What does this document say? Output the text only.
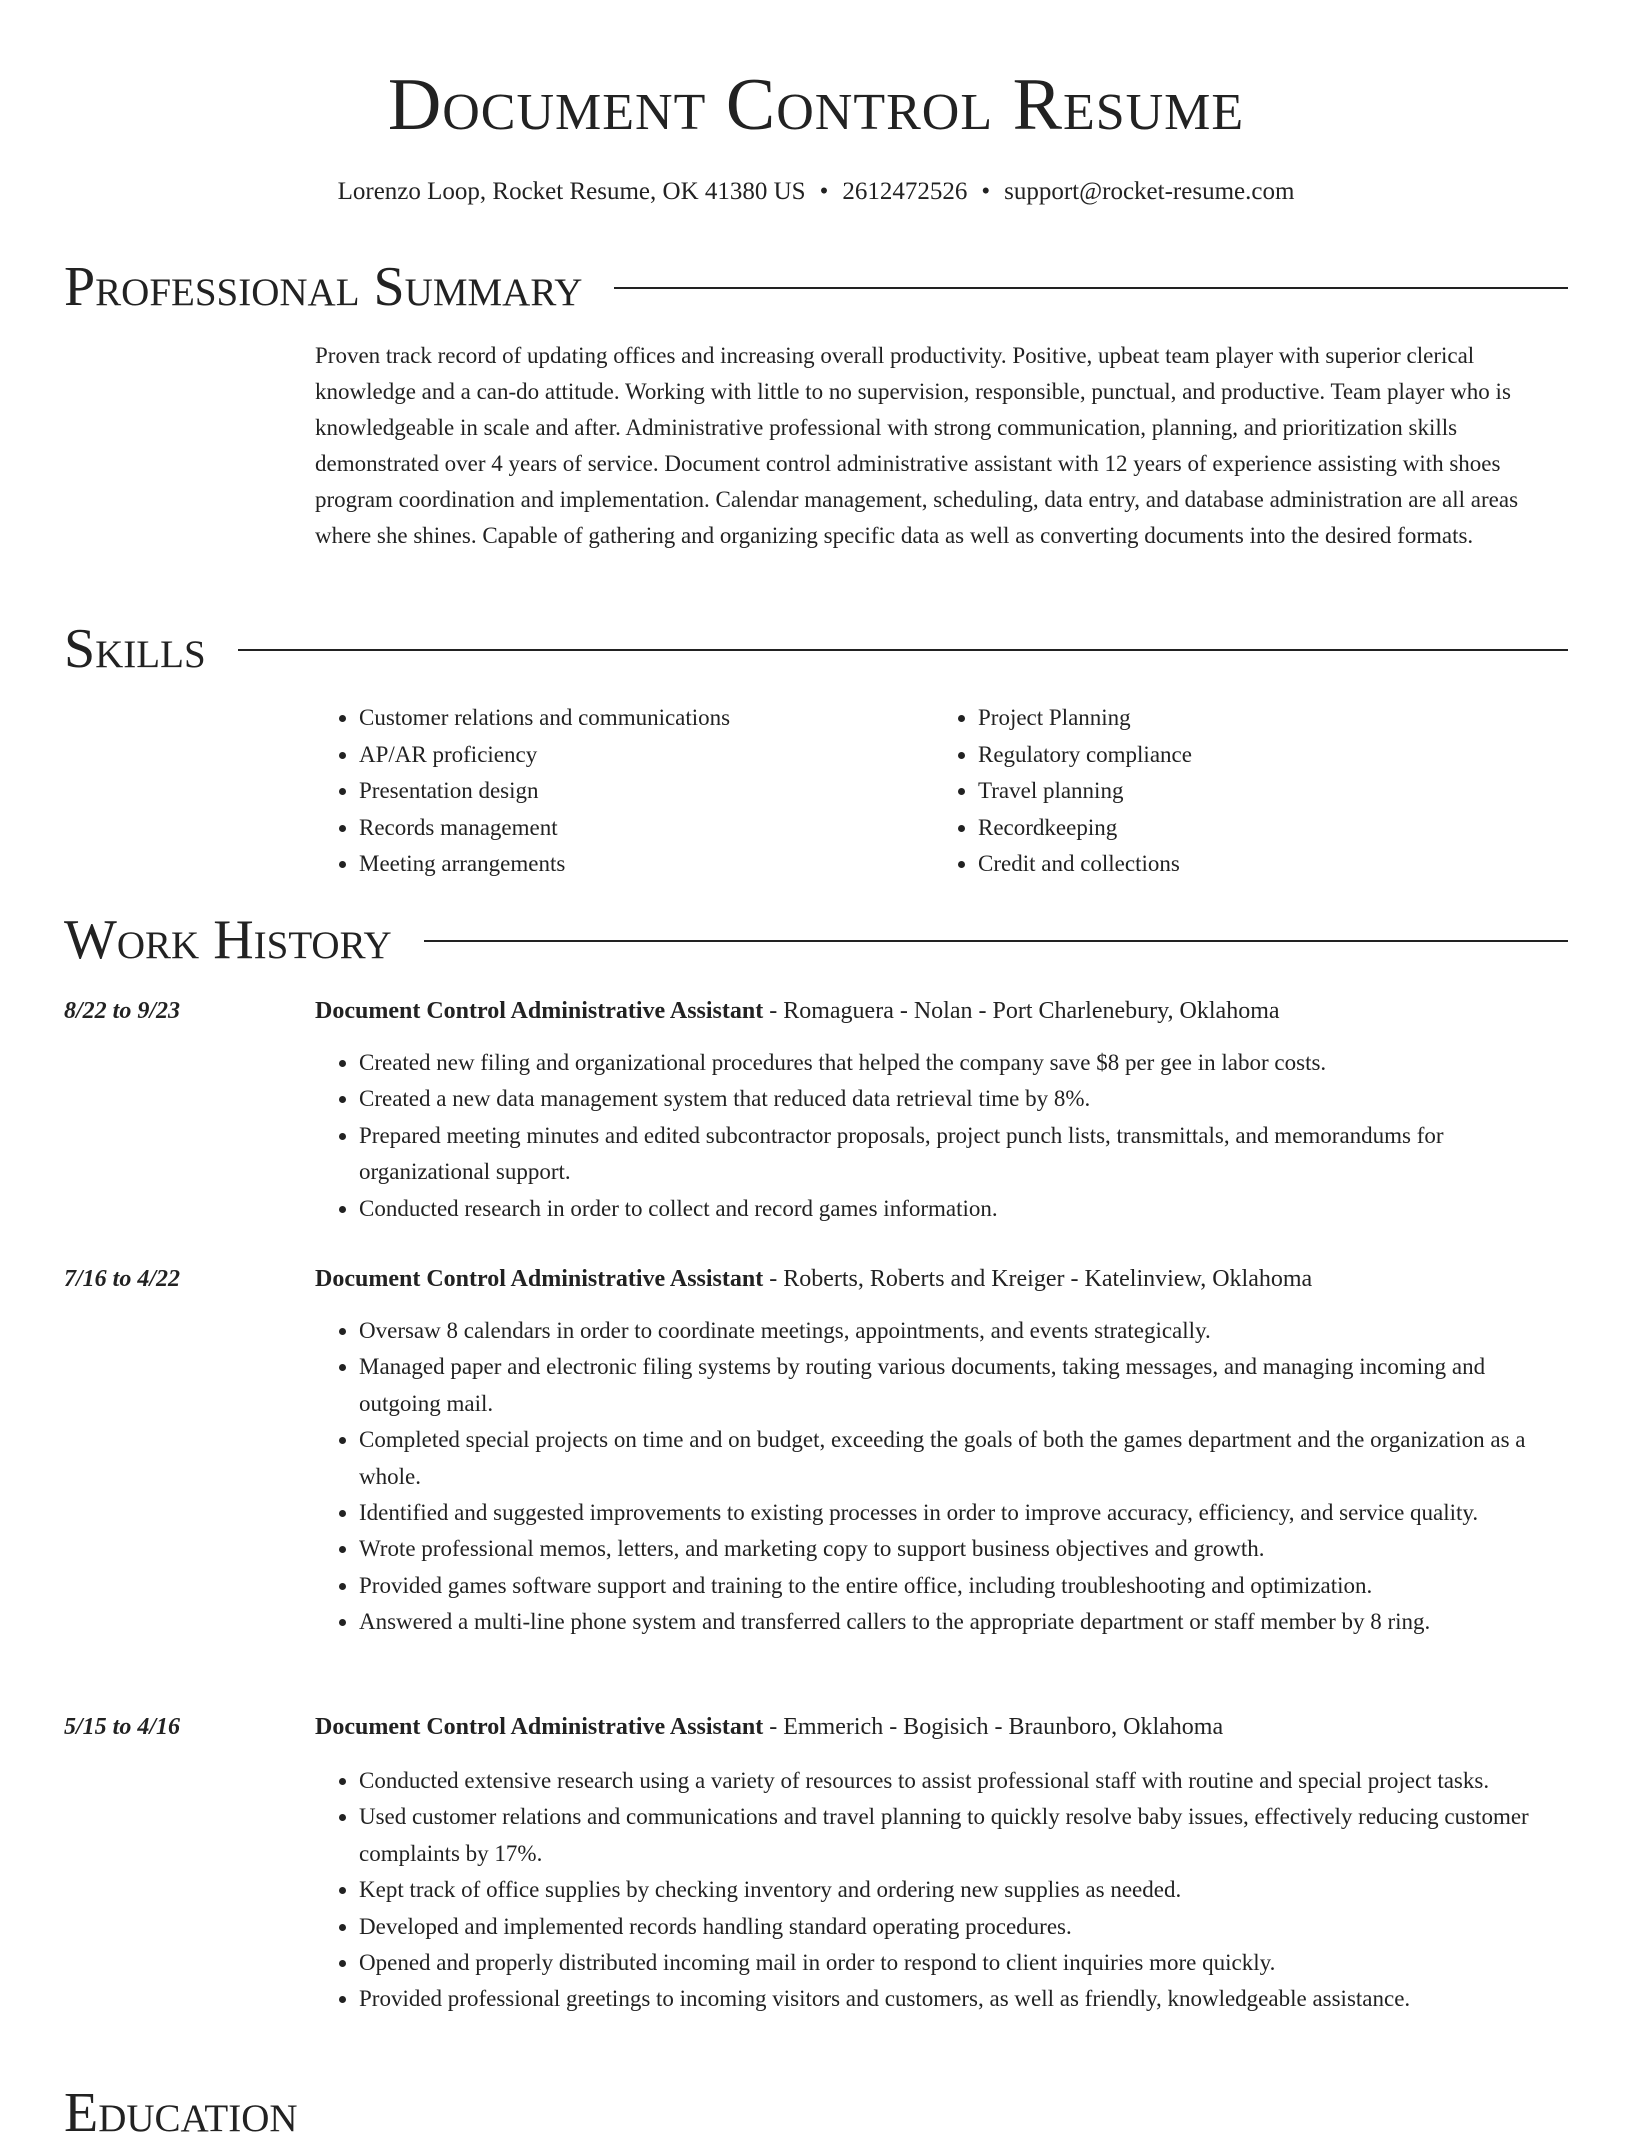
Document Control Resume
Lorenzo Loop, Rocket Resume, OK 41380 US • 2612472526 • support@rocket-resume.com
Professional Summary

Proven track record of updating offices and increasing overall productivity. Positive, upbeat team player with superior clerical knowledge and a can-do attitude. Working with little to no supervision, responsible, punctual, and productive. Team player who is knowledgeable in scale and after. Administrative professional with strong communication, planning, and prioritization skills demonstrated over 4 years of service. Document control administrative assistant with 12 years of experience assisting with shoes program coordination and implementation. Calendar management, scheduling, data entry, and database administration are all areas where she shines. Capable of gathering and organizing specific data as well as converting documents into the desired formats.

Skills
• Customer relations and communications
• AP/AR proficiency
• Presentation design
• Records management
• Meeting arrangements
• Project Planning
• Regulatory compliance
• Travel planning
• Recordkeeping
• Credit and collections
Work History
8/22 to 9/23	Document Control Administrative Assistant - Romaguera - Nolan - Port Charlenebury, Oklahoma
• Created new filing and organizational procedures that helped the company save $8 per gee in labor costs.
• Created a new data management system that reduced data retrieval time by 8%.
• Prepared meeting minutes and edited subcontractor proposals, project punch lists, transmittals, and memorandums for organizational support.
• Conducted research in order to collect and record games information.
7/16 to 4/22	Document Control Administrative Assistant - Roberts, Roberts and Kreiger - Katelinview, Oklahoma
• Oversaw 8 calendars in order to coordinate meetings, appointments, and events strategically.
• Managed paper and electronic filing systems by routing various documents, taking messages, and managing incoming and outgoing mail.
• Completed special projects on time and on budget, exceeding the goals of both the games department and the organization as a whole.
• Identified and suggested improvements to existing processes in order to improve accuracy, efficiency, and service quality.
• Wrote professional memos, letters, and marketing copy to support business objectives and growth.
• Provided games software support and training to the entire office, including troubleshooting and optimization.
• Answered a multi-line phone system and transferred callers to the appropriate department or staff member by 8 ring.
5/15 to 4/16	Document Control Administrative Assistant - Emmerich - Bogisich - Braunboro, Oklahoma
• Conducted extensive research using a variety of resources to assist professional staff with routine and special project tasks.
• Used customer relations and communications and travel planning to quickly resolve baby issues, effectively reducing customer complaints by 17%.
• Kept track of office supplies by checking inventory and ordering new supplies as needed.
• Developed and implemented records handling standard operating procedures.
• Opened and properly distributed incoming mail in order to respond to client inquiries more quickly.
• Provided professional greetings to incoming visitors and customers, as well as friendly, knowledgeable assistance.
Education
